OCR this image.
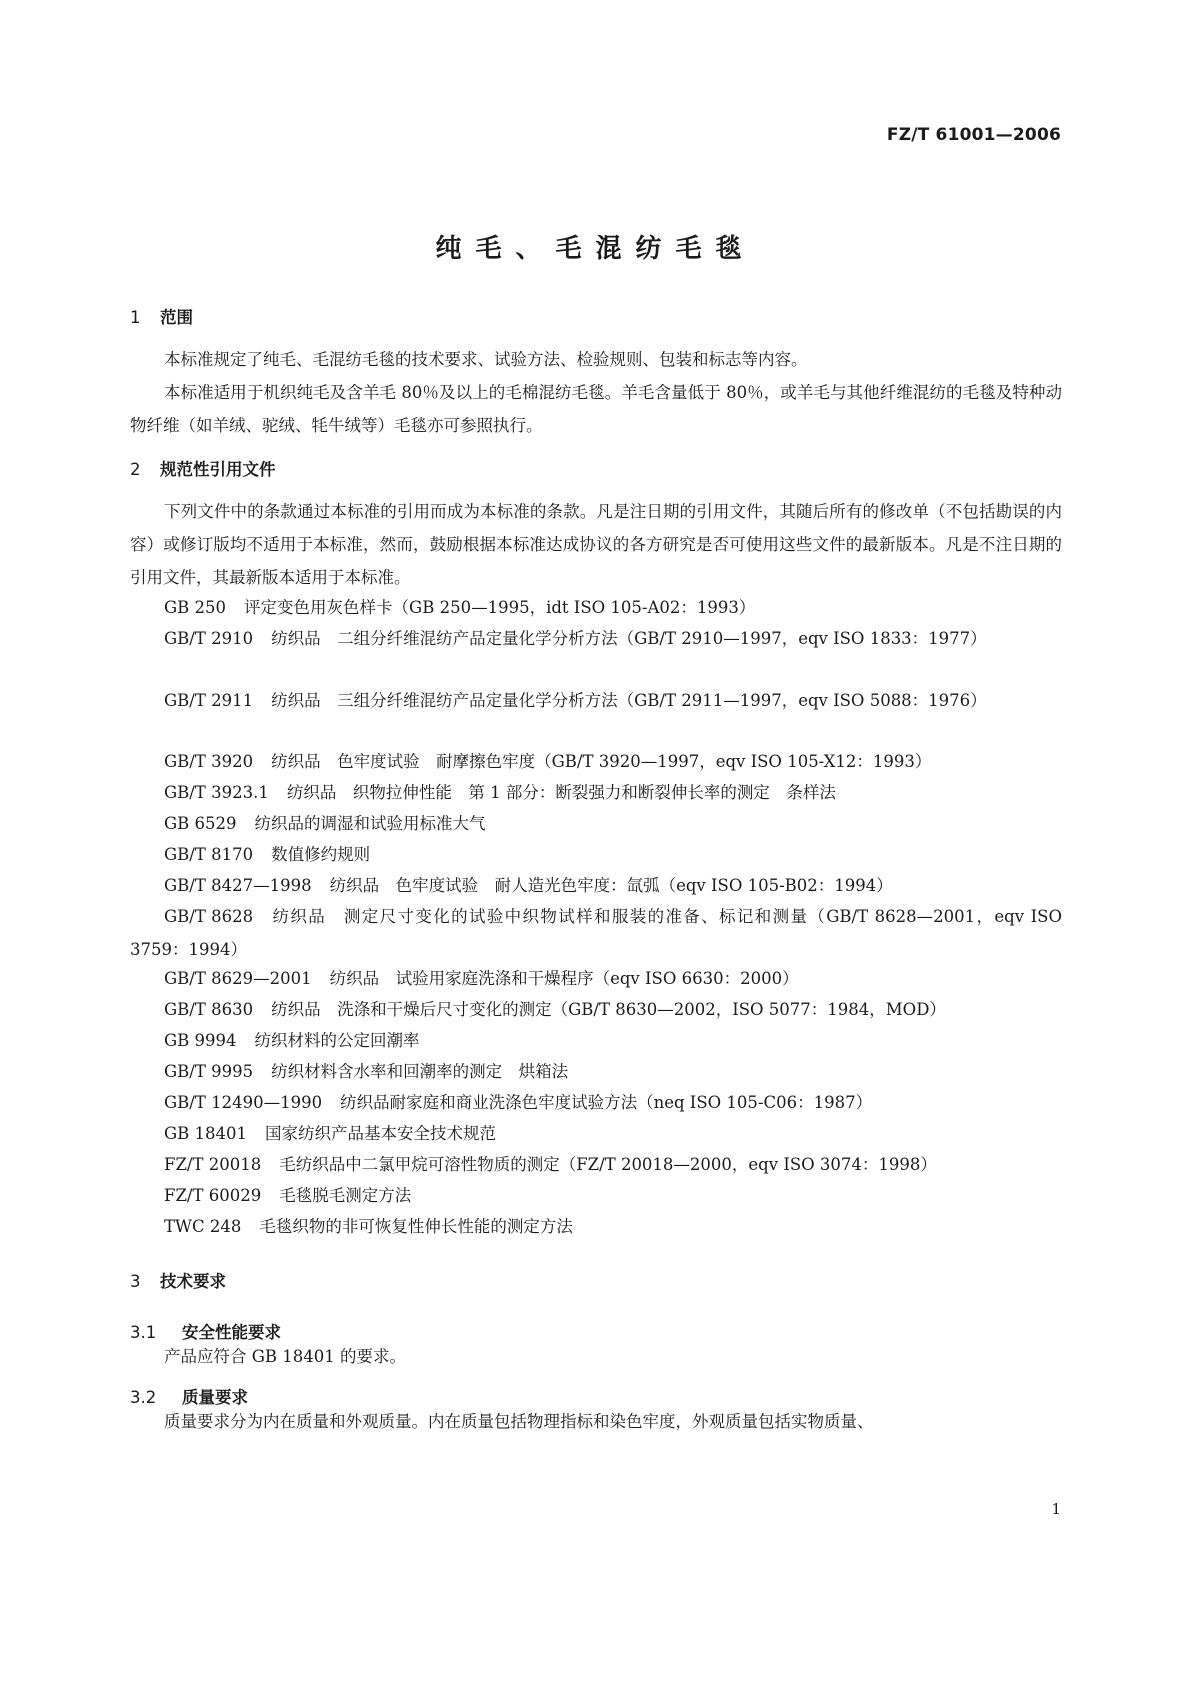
FZ/T 61001—2006
纯毛、毛混纺毛毯
1 范围
本标准规定了纯毛、毛混纺毛毯的技术要求、试验方法、检验规则、包装和标志等内容。
本标准适用于机织纯毛及含羊毛 80％及以上的毛棉混纺毛毯。羊毛含量低于 80％，或羊毛与其他纤维混纺的毛毯及特种动物纤维（如羊绒、驼绒、牦牛绒等）毛毯亦可参照执行。
2 规范性引用文件
下列文件中的条款通过本标准的引用而成为本标准的条款。凡是注日期的引用文件，其随后所有的修改单（不包括勘误的内容）或修订版均不适用于本标准，然而，鼓励根据本标准达成协议的各方研究是否可使用这些文件的最新版本。凡是不注日期的引用文件，其最新版本适用于本标准。
GB 250 评定变色用灰色样卡（GB 250—1995，idt ISO 105-A02：1993）
GB/T 2910 纺织品　二组分纤维混纺产品定量化学分析方法（GB/T 2910—1997，eqv ISO 1833：1977）
GB/T 2911 纺织品　三组分纤维混纺产品定量化学分析方法（GB/T 2911—1997，eqv ISO 5088：1976）
GB/T 3920 纺织品　色牢度试验　耐摩擦色牢度（GB/T 3920—1997，eqv ISO 105-X12：1993）
GB/T 3923.1 纺织品　织物拉伸性能　第 1 部分：断裂强力和断裂伸长率的测定　条样法
GB 6529 纺织品的调湿和试验用标准大气
GB/T 8170 数值修约规则
GB/T 8427—1998 纺织品　色牢度试验　耐人造光色牢度：氙弧（eqv ISO 105-B02：1994）
GB/T 8628 纺织品　测定尺寸变化的试验中织物试样和服装的准备、标记和测量（GB/T 8628—2001，eqv ISO 3759：1994）
GB/T 8629—2001 纺织品　试验用家庭洗涤和干燥程序（eqv ISO 6630：2000）
GB/T 8630 纺织品　洗涤和干燥后尺寸变化的测定（GB/T 8630—2002，ISO 5077：1984，MOD）
GB 9994 纺织材料的公定回潮率
GB/T 9995 纺织材料含水率和回潮率的测定　烘箱法
GB/T 12490—1990 纺织品耐家庭和商业洗涤色牢度试验方法（neq ISO 105-C06：1987）
GB 18401 国家纺织产品基本安全技术规范
FZ/T 20018 毛纺织品中二氯甲烷可溶性物质的测定（FZ/T 20018—2000，eqv ISO 3074：1998）
FZ/T 60029 毛毯脱毛测定方法
TWC 248 毛毯织物的非可恢复性伸长性能的测定方法
3 技术要求
3.1 安全性能要求
产品应符合 GB 18401 的要求。
3.2 质量要求
质量要求分为内在质量和外观质量。内在质量包括物理指标和染色牢度，外观质量包括实物质量、
1
